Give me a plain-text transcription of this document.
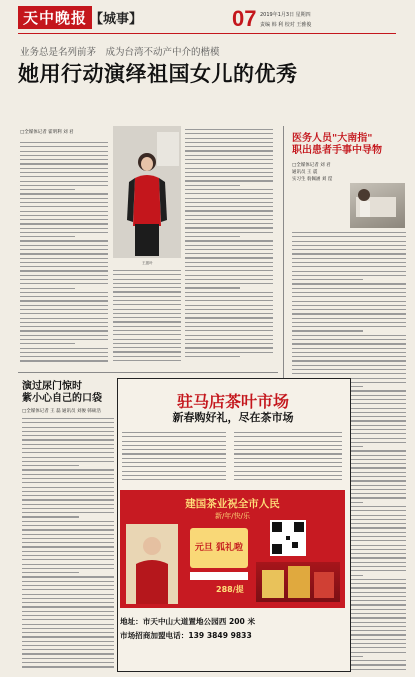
天中晚报 【城事】	07 2019年1月3日 星期四
责编 韩 利 校对 王雅俊
业务总是名列前茅　成为台湾不动产中介的楷模
她用行动演绎祖国女儿的优秀
□全媒体记者 霍明利 刘 君
王振叶
医务人员"大南指"
职出患者手事中导物
□全媒体记者 刘 君
通讯员 王 震
实习生 翁佩涵 刘 滢
演过尿门惊时
紫小心自己的口袋
□全媒体记者 王 磊 通讯员 刘俊 韩硕浩
驻马店茶叶市场
新春购好礼，尽在茶市场
建国茶业祝全市人民
新/年/快/乐
元旦 狐礼啦
288/提
地址：市天中山大道置地公园西 200 米
市场招商加盟电话：139 3849 9833
